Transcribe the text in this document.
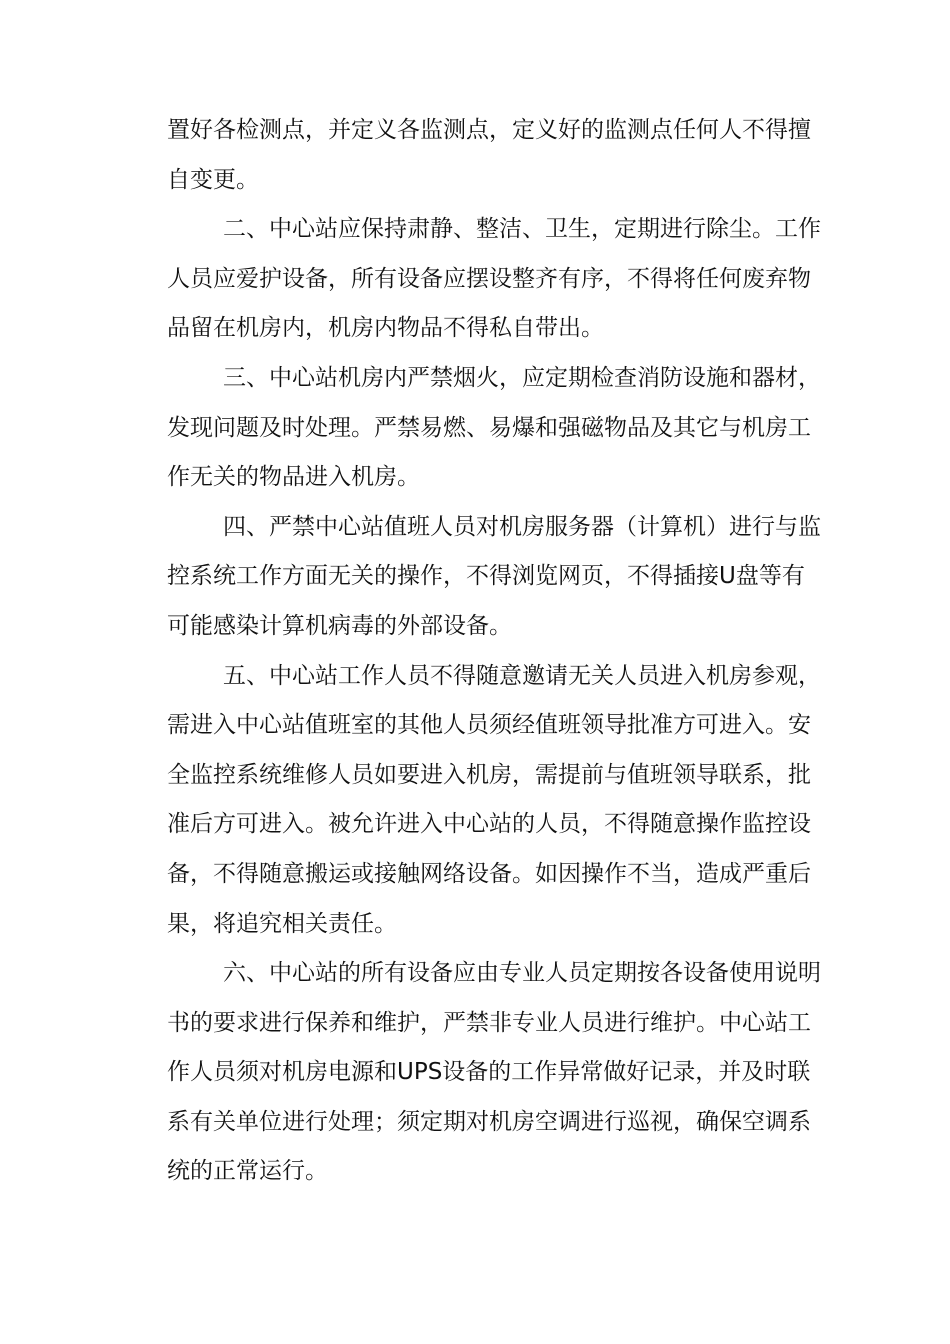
置好各检测点，并定义各监测点，定义好的监测点任何人不得擅
自变更。

二、中心站应保持肃静、整洁、卫生，定期进行除尘。工作
人员应爱护设备，所有设备应摆设整齐有序，不得将任何废弃物
品留在机房内，机房内物品不得私自带出。

三、中心站机房内严禁烟火，应定期检查消防设施和器材，
发现问题及时处理。严禁易燃、易爆和强磁物品及其它与机房工
作无关的物品进入机房。

四、严禁中心站值班人员对机房服务器（计算机）进行与监
控系统工作方面无关的操作，不得浏览网页，不得插接U盘等有
可能感染计算机病毒的外部设备。

五、中心站工作人员不得随意邀请无关人员进入机房参观，
需进入中心站值班室的其他人员须经值班领导批准方可进入。安
全监控系统维修人员如要进入机房，需提前与值班领导联系，批
准后方可进入。被允许进入中心站的人员，不得随意操作监控设
备，不得随意搬运或接触网络设备。如因操作不当，造成严重后
果，将追究相关责任。

六、中心站的所有设备应由专业人员定期按各设备使用说明
书的要求进行保养和维护，严禁非专业人员进行维护。中心站工
作人员须对机房电源和UPS设备的工作异常做好记录，并及时联
系有关单位进行处理；须定期对机房空调进行巡视，确保空调系
统的正常运行。
